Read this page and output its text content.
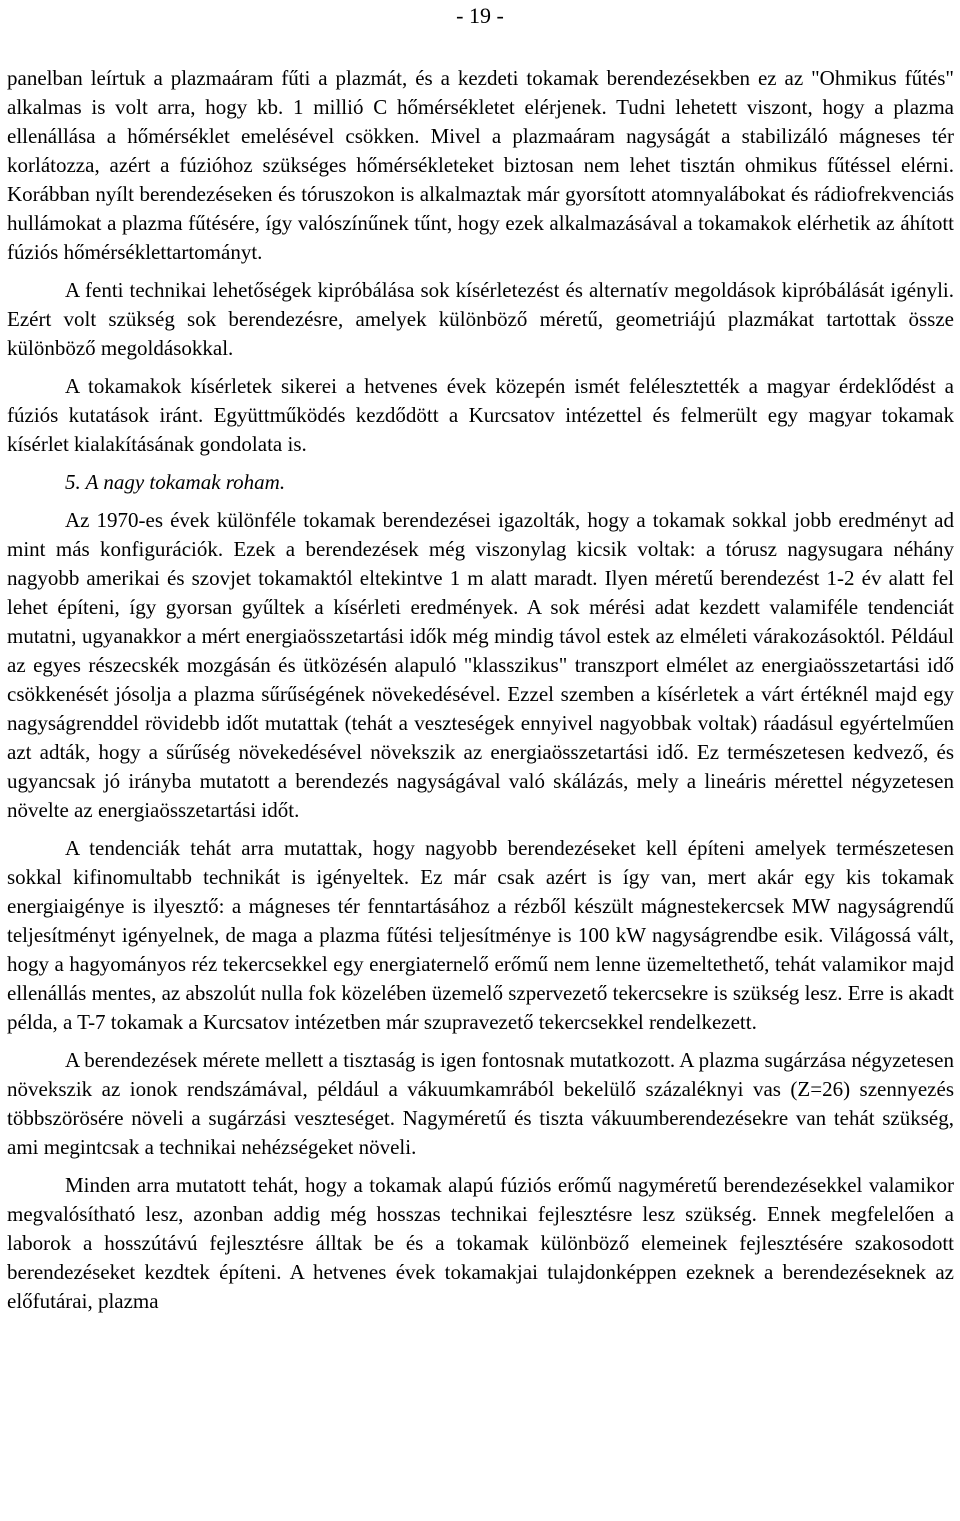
- 19 -

panelban leírtuk a plazmaáram fűti a plazmát, és a kezdeti tokamak berendezésekben ez az "Ohmikus fűtés" alkalmas is volt arra, hogy kb. 1 millió C hőmérsékletet elérjenek. Tudni lehetett viszont, hogy a plazma ellenállása a hőmérséklet emelésével csökken. Mivel a plazmaáram nagyságát a stabilizáló mágneses tér korlátozza, azért a fúzióhoz szükséges hőmérsékleteket biztosan nem lehet tisztán ohmikus fűtéssel elérni. Korábban nyílt berendezéseken és tóruszokon is alkalmaztak már gyorsított atomnyalábokat és rádiofrekvenciás hullámokat a plazma fűtésére, így valószínűnek tűnt, hogy ezek alkalmazásával a tokamakok elérhetik az áhított fúziós hőmérséklettartományt.

A fenti technikai lehetőségek kipróbálása sok kísérletezést és alternatív megoldások kipróbálását igényli. Ezért volt szükség sok berendezésre, amelyek különböző méretű, geometriájú plazmákat tartottak össze különböző megoldásokkal.

A tokamakok kísérletek sikerei a hetvenes évek közepén ismét felélesztették a magyar érdeklődést a fúziós kutatások iránt. Együttműködés kezdődött a Kurcsatov intézettel és felmerült egy magyar tokamak kísérlet kialakításának gondolata is.

5. A nagy tokamak roham.

Az 1970-es évek különféle tokamak berendezései igazolták, hogy a tokamak sokkal jobb eredményt ad mint más konfigurációk. Ezek a berendezések még viszonylag kicsik voltak: a tórusz nagysugara néhány nagyobb amerikai és szovjet tokamaktól eltekintve 1 m alatt maradt. Ilyen méretű berendezést 1-2 év alatt fel lehet építeni, így gyorsan gyűltek a kísérleti eredmények. A sok mérési adat kezdett valamiféle tendenciát mutatni, ugyanakkor a mért energiaösszetartási idők még mindig távol estek az elméleti várakozásoktól. Például az egyes részecskék mozgásán és ütközésén alapuló "klasszikus" transzport elmélet az energiaösszetartási idő csökkenését jósolja a plazma sűrűségének növekedésével. Ezzel szemben a kísérletek a várt értéknél majd egy nagyságrenddel rövidebb időt mutattak (tehát a veszteségek ennyivel nagyobbak voltak) ráadásul egyértelműen azt adták, hogy a sűrűség növekedésével növekszik az energiaösszetartási idő. Ez természetesen kedvező, és ugyancsak jó irányba mutatott a berendezés nagyságával való skálázás, mely a lineáris mérettel négyzetesen növelte az energiaösszetartási időt.

A tendenciák tehát arra mutattak, hogy nagyobb berendezéseket kell építeni amelyek természetesen sokkal kifinomultabb technikát is igényeltek. Ez már csak azért is így van, mert akár egy kis tokamak energiaigénye is ilyesztő: a mágneses tér fenntartásához a rézből készült mágnestekercsek MW nagyságrendű teljesítményt igényelnek, de maga a plazma fűtési teljesítménye is 100 kW nagyságrendbe esik. Világossá vált, hogy a hagyományos réz tekercsekkel egy energiaternelő erőmű nem lenne üzemeltethető, tehát valamikor majd ellenállás mentes, az abszolút nulla fok közelében üzemelő szpervezető tekercsekre is szükség lesz. Erre is akadt példa, a T-7 tokamak a Kurcsatov intézetben már szupravezető tekercsekkel rendelkezett.

A berendezések mérete mellett a tisztaság is igen fontosnak mutatkozott. A plazma sugárzása négyzetesen növekszik az ionok rendszámával, például a vákuumkamrából bekelülő százaléknyi vas (Z=26) szennyezés többszörösére növeli a sugárzási veszteséget. Nagyméretű és tiszta vákuumberendezésekre van tehát szükség, ami megintcsak a technikai nehézségeket növeli.

Minden arra mutatott tehát, hogy a tokamak alapú fúziós erőmű nagyméretű berendezésekkel valamikor megvalósítható lesz, azonban addig még hosszas technikai fejlesztésre lesz szükség. Ennek megfelelően a laborok a hosszútávú fejlesztésre álltak be és a tokamak különböző elemeinek fejlesztésére szakosodott berendezéseket kezdtek építeni. A hetvenes évek tokamakjai tulajdonképpen ezeknek a berendezéseknek az előfutárai, plazma
